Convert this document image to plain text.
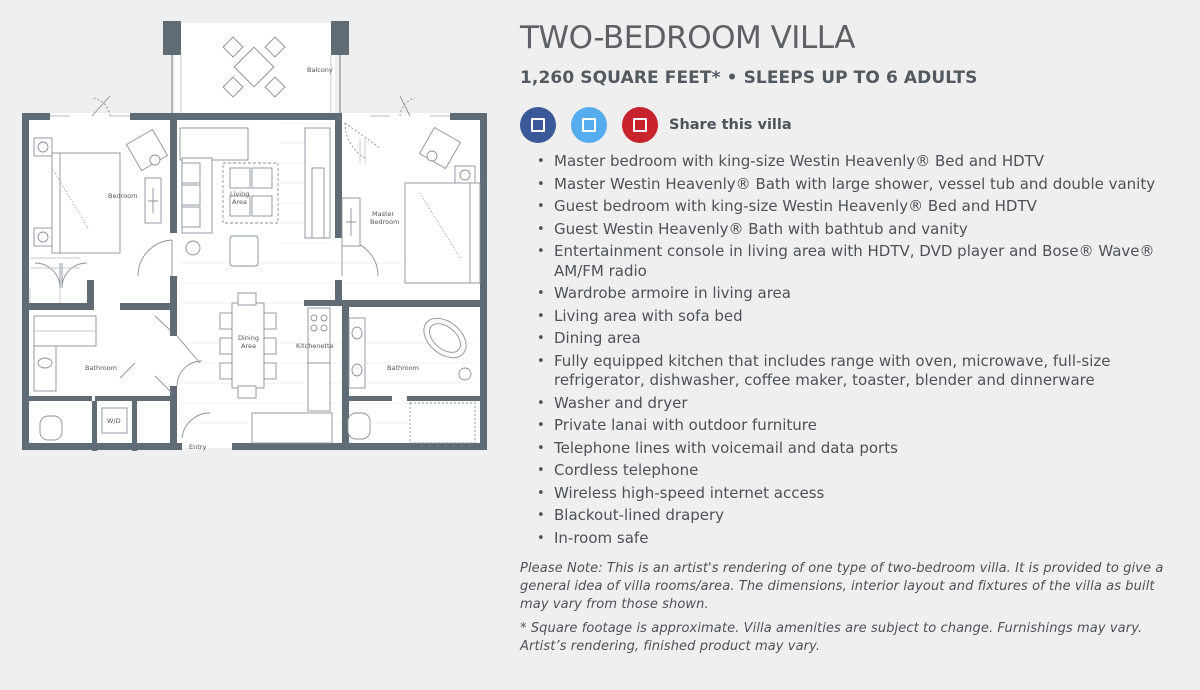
Balcony
Bedroom	Living
Area
Master
Bedroom
Dining
Area	Kitchenette
W/D
Bathroom	Bathroom
Entry
TWO-BEDROOM VILLA
1,260 SQUARE FEET* • SLEEPS UP TO 6 ADULTS
Share this villa
• Master bedroom with king-size Westin Heavenly® Bed and HDTV
• Master Westin Heavenly® Bath with large shower, vessel tub and double vanity
• Guest bedroom with king-size Westin Heavenly® Bed and HDTV
• Guest Westin Heavenly® Bath with bathtub and vanity
• Entertainment console in living area with HDTV, DVD player and Bose® Wave® AM/FM radio
• Wardrobe armoire in living area
• Living area with sofa bed
• Dining area
• Fully equipped kitchen that includes range with oven, microwave, full-size refrigerator, dishwasher, coffee maker, toaster, blender and dinnerware
• Washer and dryer
• Private lanai with outdoor furniture
• Telephone lines with voicemail and data ports
• Cordless telephone
• Wireless high-speed internet access
• Blackout-lined drapery
• In-room safe

Please Note: This is an artist's rendering of one type of two-bedroom villa. It is provided to give a general idea of villa rooms/area. The dimensions, interior layout and fixtures of the villa as built may vary from those shown.

* Square footage is approximate. Villa amenities are subject to change. Furnishings may vary. Artist’s rendering, finished product may vary.
